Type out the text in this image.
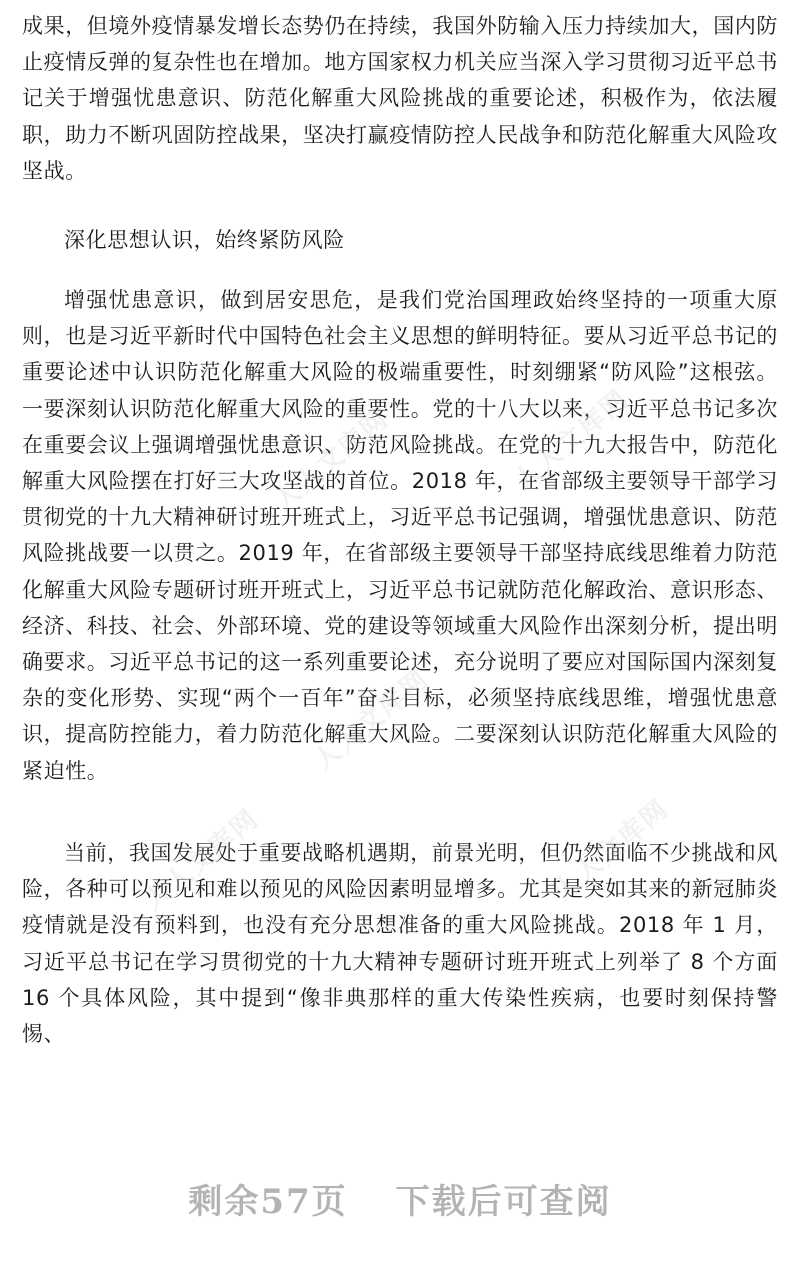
成果，但境外疫情暴发增长态势仍在持续，我国外防输入压力持续加大，国内防止疫情反弹的复杂性也在增加。地方国家权力机关应当深入学习贯彻习近平总书记关于增强忧患意识、防范化解重大风险挑战的重要论述，积极作为，依法履职，助力不断巩固防控战果，坚决打赢疫情防控人民战争和防范化解重大风险攻坚战。

深化思想认识，始终紧防风险

增强忧患意识，做到居安思危，是我们党治国理政始终坚持的一项重大原则，也是习近平新时代中国特色社会主义思想的鲜明特征。要从习近平总书记的重要论述中认识防范化解重大风险的极端重要性，时刻绷紧“防风险”这根弦。一要深刻认识防范化解重大风险的重要性。党的十八大以来，习近平总书记多次在重要会议上强调增强忧患意识、防范风险挑战。在党的十九大报告中，防范化解重大风险摆在打好三大攻坚战的首位。2018 年，在省部级主要领导干部学习贯彻党的十九大精神研讨班开班式上，习近平总书记强调，增强忧患意识、防范风险挑战要一以贯之。2019 年，在省部级主要领导干部坚持底线思维着力防范化解重大风险专题研讨班开班式上，习近平总书记就防范化解政治、意识形态、经济、科技、社会、外部环境、党的建设等领域重大风险作出深刻分析，提出明确要求。习近平总书记的这一系列重要论述，充分说明了要应对国际国内深刻复杂的变化形势、实现“两个一百年”奋斗目标，必须坚持底线思维，增强忧患意识，提高防控能力，着力防范化解重大风险。二要深刻认识防范化解重大风险的紧迫性。

当前，我国发展处于重要战略机遇期，前景光明，但仍然面临不少挑战和风险，各种可以预见和难以预见的风险因素明显增多。尤其是突如其来的新冠肺炎疫情就是没有预料到，也没有充分思想准备的重大风险挑战。2018 年 1 月，习近平总书记在学习贯彻党的十九大精神专题研讨班开班式上列举了 8 个方面 16 个具体风险，其中提到“像非典那样的重大传染性疾病，也要时刻保持警惕、

人人文库网	人人文库网
人人文库网
人人文库网	人人文库网
剩余57页 下载后可查阅
